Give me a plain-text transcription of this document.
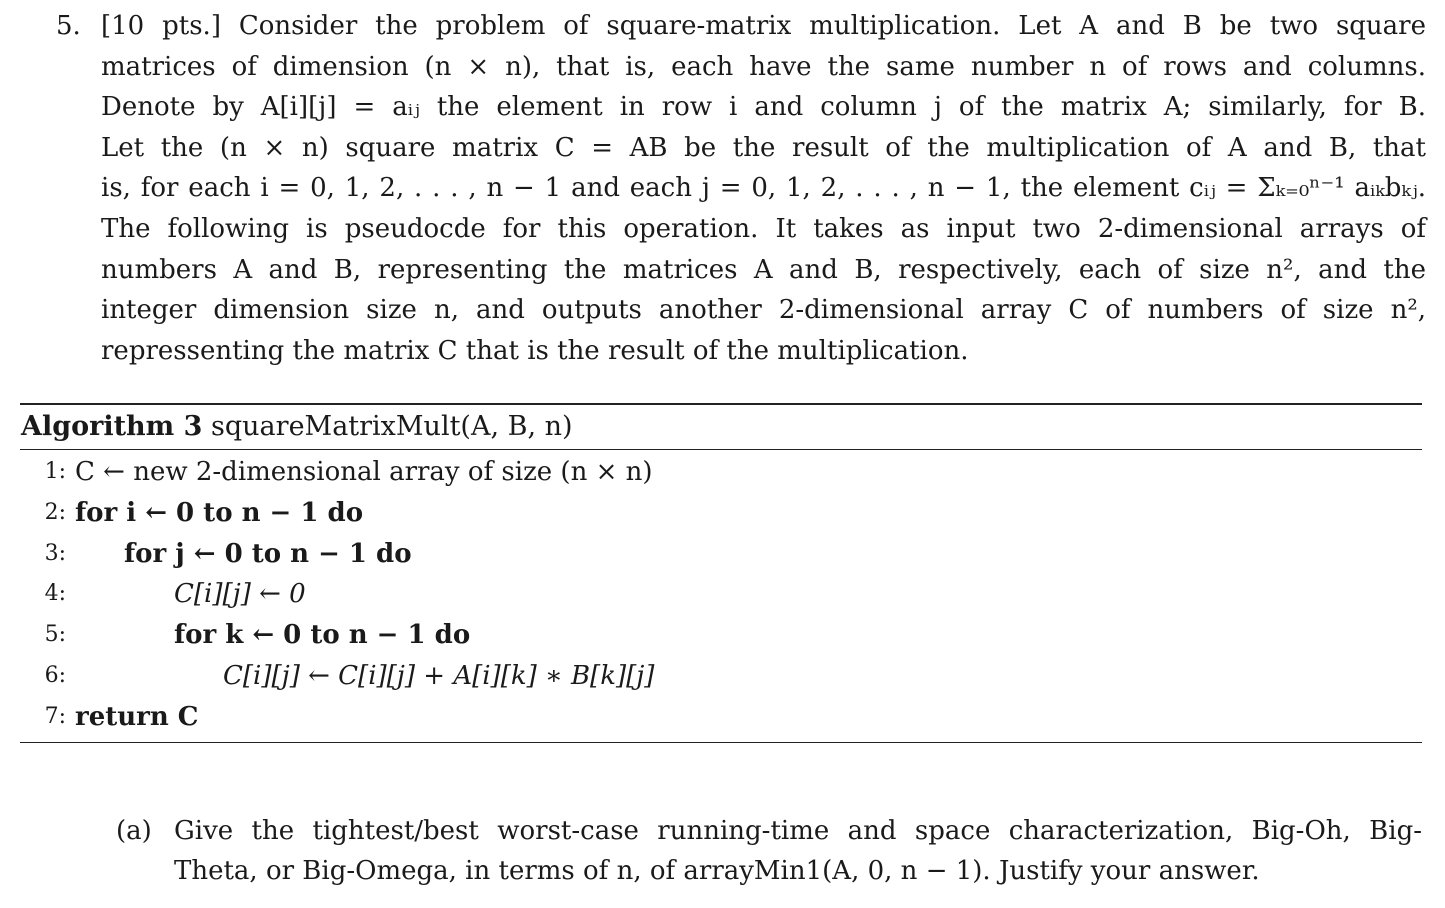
5. [10 pts.] Consider the problem of square-matrix multiplication. Let A and B be two square
matrices of dimension (n × n), that is, each have the same number n of rows and columns.
Denote by A[i][j] = aᵢⱼ the element in row i and column j of the matrix A; similarly, for B.
Let the (n × n) square matrix C = AB be the result of the multiplication of A and B, that
is, for each i = 0, 1, 2, . . . , n − 1 and each j = 0, 1, 2, . . . , n − 1, the element cᵢⱼ = Σₖ₌₀ⁿ⁻¹ aᵢₖbₖⱼ.
The following is pseudocde for this operation. It takes as input two 2-dimensional arrays of
numbers A and B, representing the matrices A and B, respectively, each of size n², and the
integer dimension size n, and outputs another 2-dimensional array C of numbers of size n²,
repressenting the matrix C that is the result of the multiplication.
Algorithm 3 squareMatrixMult(A, B, n)
1: C ← new 2-dimensional array of size (n × n)
2: for i ← 0 to n − 1 do
3: for j ← 0 to n − 1 do
4:	C[i][j] ← 0
5:	for k ← 0 to n − 1 do
6:	C[i][j] ← C[i][j] + A[i][k] ∗ B[k][j]
7: return C
(a) Give the tightest/best worst-case running-time and space characterization, Big-Oh, Big-
Theta, or Big-Omega, in terms of n, of arrayMin1(A, 0, n − 1). Justify your answer.
